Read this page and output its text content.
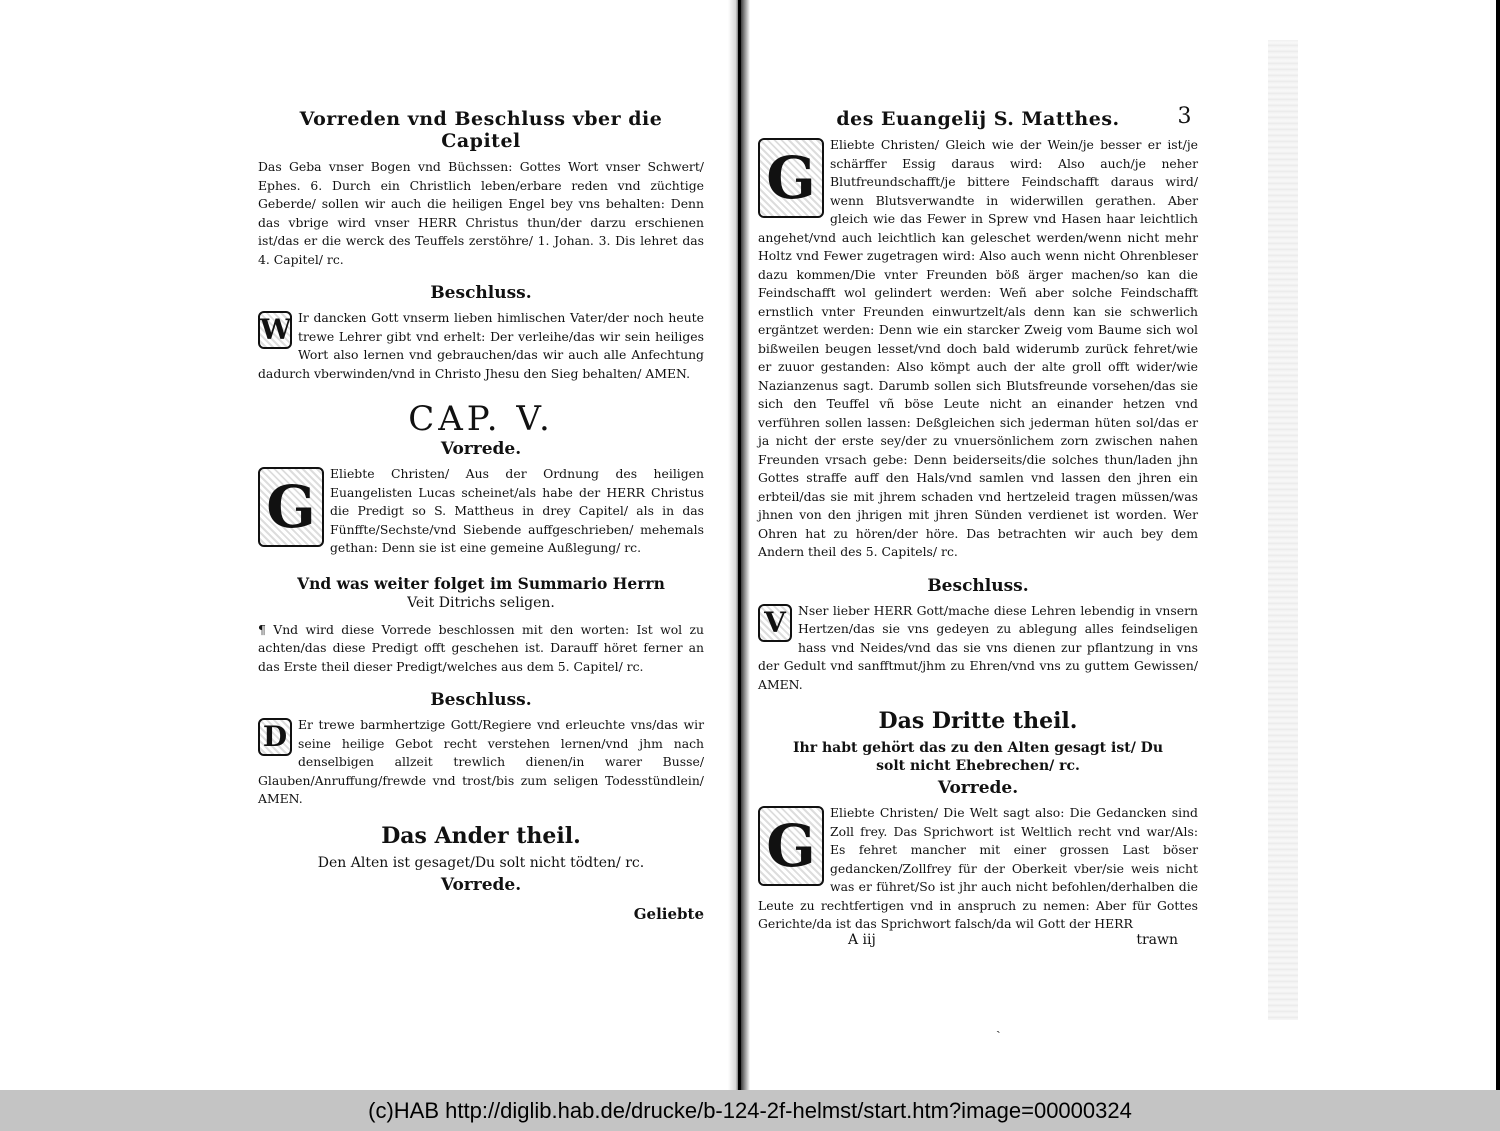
Vorreden vnd Beschluss vber die Capitel

Das Geba vnser Bogen vnd Büchssen: Gottes Wort vnser Schwert/ Ephes. 6. Durch ein Christlich leben/erbare reden vnd züchtige Geberde/ sollen wir auch die heiligen Engel bey vns behalten: Denn das vbrige wird vnser HERR Christus thun/der darzu erschienen ist/das er die werck des Teuffels zerstöhre/ 1. Johan. 3. Dis lehret das 4. Capitel/ rc.

Beschluss.

W Ir dancken Gott vnserm lieben himlischen Vater/der noch heute trewe Lehrer gibt vnd erhelt: Der verleihe/das wir sein heiliges Wort also lernen vnd gebrauchen/das wir auch alle Anfechtung dadurch vberwinden/vnd in Christo Jhesu den Sieg behalten/ AMEN.

CAP. V.
Vorrede.

G	Eliebte Christen/ Aus der Ordnung des heiligen Euangelisten Lucas scheinet/als habe der HERR Christus die Predigt so S. Mattheus in drey Capitel/ als in das Fünffte/Sechste/vnd Siebende auffgeschrieben/ mehemals gethan: Denn sie ist eine gemeine Außlegung/ rc.

Vnd was weiter folget im Summario Herrn
Veit Ditrichs seligen.

¶ Vnd wird diese Vorrede beschlossen mit den worten: Ist wol zu achten/das diese Predigt offt geschehen ist. Darauff höret ferner an das Erste theil dieser Predigt/welches aus dem 5. Capitel/ rc.

Beschluss.

D Er trewe barmhertzige Gott/Regiere vnd erleuchte vns/das wir seine heilige Gebot recht verstehen lernen/vnd jhm nach denselbigen allzeit trewlich dienen/in warer Busse/ Glauben/Anruffung/frewde vnd trost/bis zum seligen Todesstündlein/ AMEN.

Das Ander theil.
Den Alten ist gesaget/Du solt nicht tödten/ rc.
Vorrede.
Geliebte
des Euangelij S. Matthes.	3

G	Eliebte Christen/ Gleich wie der Wein/je besser er ist/je schärffer Essig daraus wird: Also auch/je neher Blutfreundschafft/je bittere Feindschafft daraus wird/ wenn Blutsverwandte in widerwillen gerathen. Aber gleich wie das Fewer in Sprew vnd Hasen haar leichtlich angehet/vnd auch leichtlich kan geleschet werden/wenn nicht mehr Holtz vnd Fewer zugetragen wird: Also auch wenn nicht Ohrenbleser dazu kommen/Die vnter Freunden böß ärger machen/so kan die Feindschafft wol gelindert werden: Weñ aber solche Feindschafft ernstlich vnter Freunden einwurtzelt/als denn kan sie schwerlich ergäntzet werden: Denn wie ein starcker Zweig vom Baume sich wol bißweilen beugen lesset/vnd doch bald widerumb zurück fehret/wie er zuuor gestanden: Also kömpt auch der alte groll offt wider/wie Nazianzenus sagt. Darumb sollen sich Blutsfreunde vorsehen/das sie sich den Teuffel vñ böse Leute nicht an einander hetzen vnd verführen sollen lassen: Deßgleichen sich jederman hüten sol/das er ja nicht der erste sey/der zu vnuersönlichem zorn zwischen nahen Freunden vrsach gebe: Denn beiderseits/die solches thun/laden jhn Gottes straffe auff den Hals/vnd samlen vnd lassen den jhren ein erbteil/das sie mit jhrem schaden vnd hertzeleid tragen müssen/was jhnen von den jhrigen mit jhren Sünden verdienet ist worden. Wer Ohren hat zu hören/der höre. Das betrachten wir auch bey dem Andern theil des 5. Capitels/ rc.

Beschluss.

V Nser lieber HERR Gott/mache diese Lehren lebendig in vnsern Hertzen/das sie vns gedeyen zu ablegung alles feindseligen hass vnd Neides/vnd das sie vns dienen zur pflantzung in vns der Gedult vnd sanfftmut/jhm zu Ehren/vnd vns zu guttem Gewissen/ AMEN.

Das Dritte theil.
Ihr habt gehört das zu den Alten gesagt ist/ Du
solt nicht Ehebrechen/ rc.
Vorrede.

G	Eliebte Christen/ Die Welt sagt also: Die Gedancken sind Zoll frey. Das Sprichwort ist Weltlich recht vnd war/Als: Es fehret mancher mit einer grossen Last böser gedancken/Zollfrey für der Oberkeit vber/sie weis nicht was er führet/So ist jhr auch nicht befohlen/derhalben die Leute zu rechtfertigen vnd in anspruch zu nemen: Aber für Gottes Gerichte/da ist das Sprichwort falsch/da wil Gott der HERR

A iij	trawn
ˎ
(c)HAB http://diglib.hab.de/drucke/b-124-2f-helmst/start.htm?image=00000324
